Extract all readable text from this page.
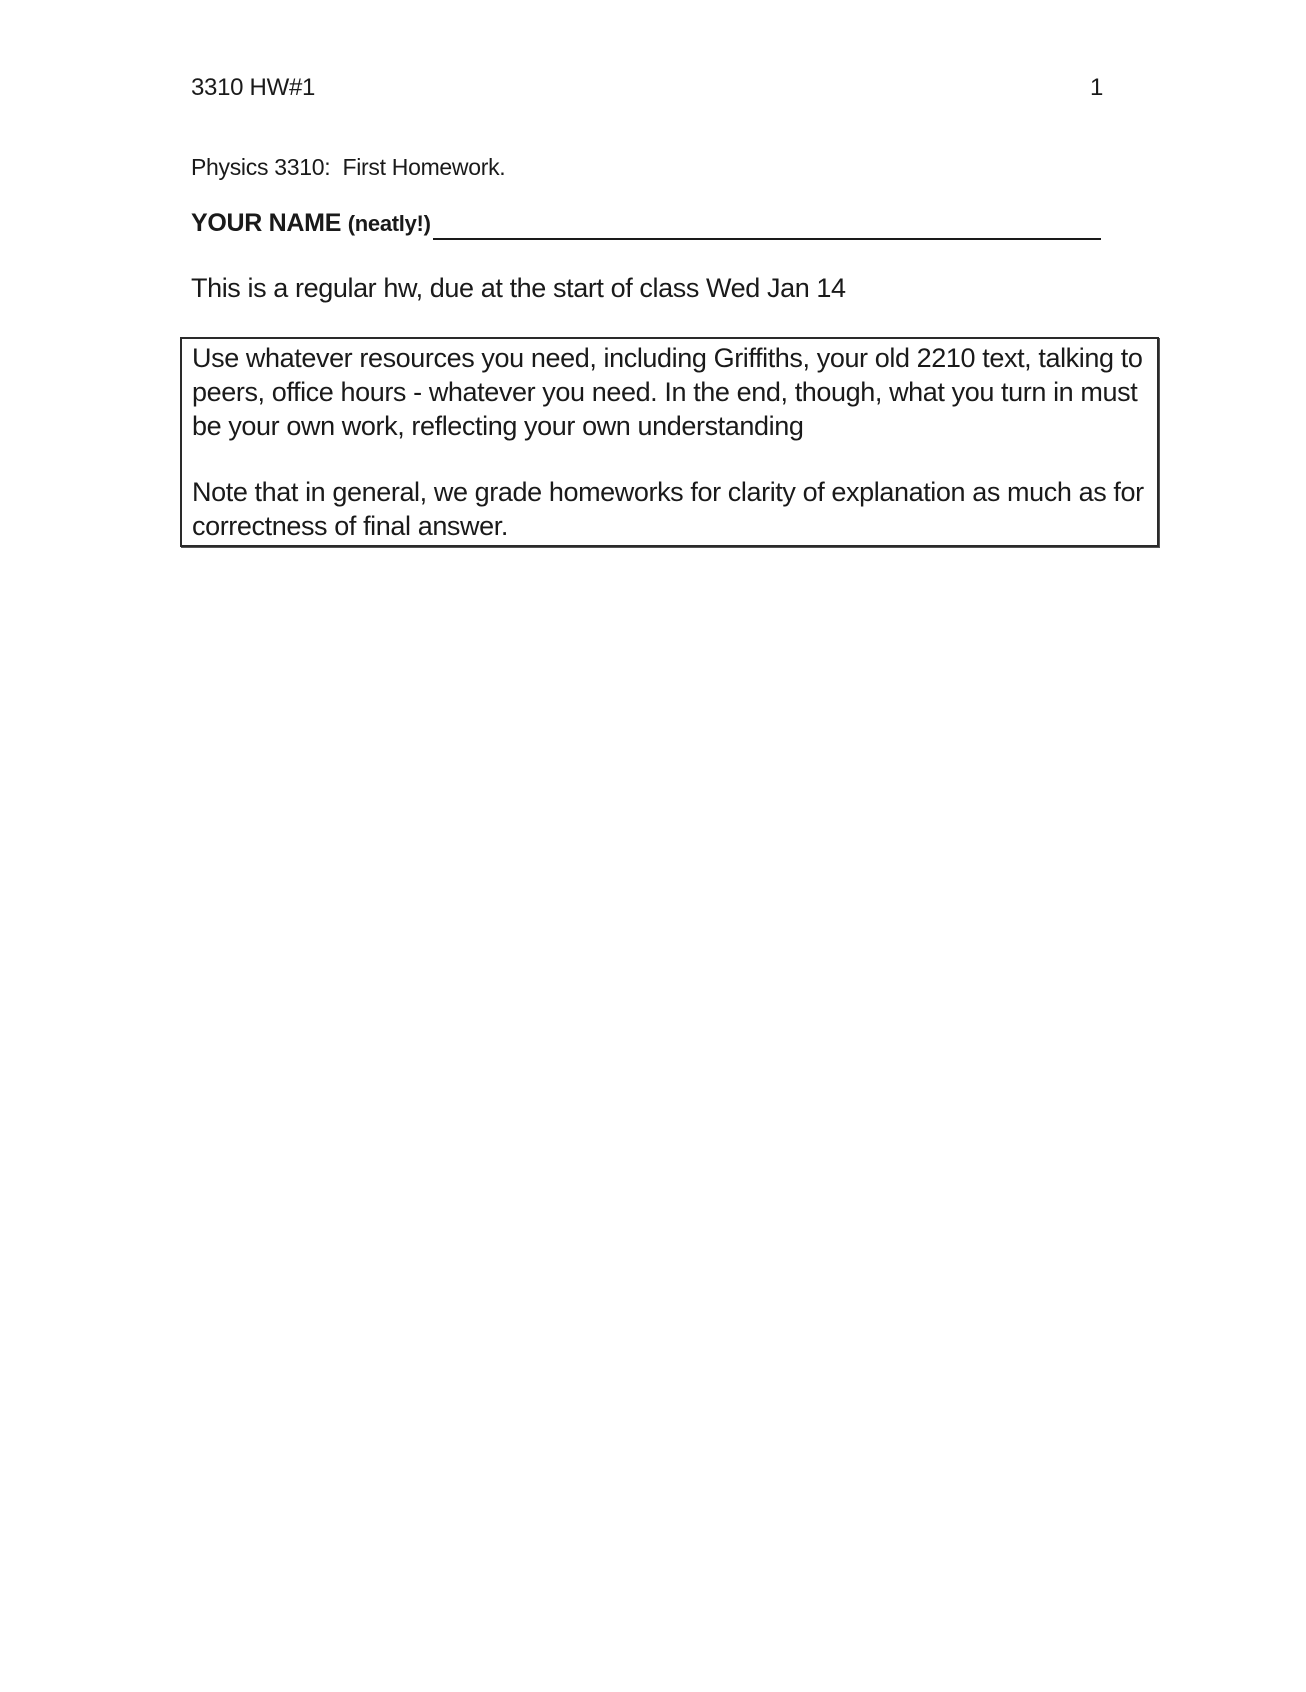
3310 HW#1	1
Physics 3310:  First Homework.
YOUR NAME (neatly!)
This is a regular hw, due at the start of class Wed Jan 14

Use whatever resources you need, including Griffiths, your old 2210 text, talking to peers, office hours - whatever you need. In the end, though, what you turn in must be your own work, reflecting your own understanding

Note that in general, we grade homeworks for clarity of explanation as much as for correctness of final answer.
